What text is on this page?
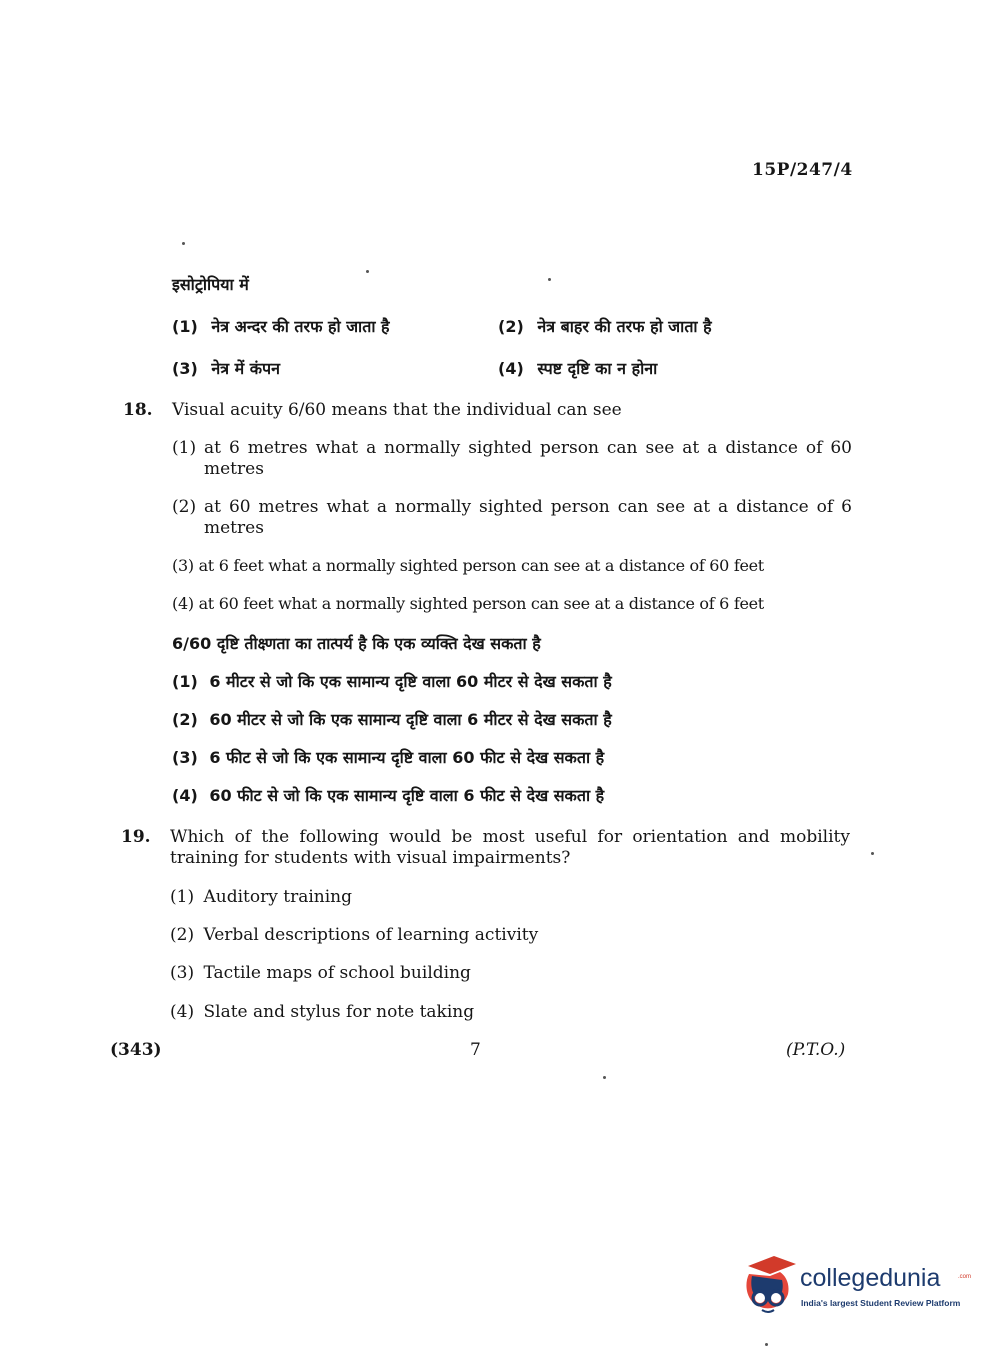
15P/247/4
इसोट्रोपिया में
(1) नेत्र अन्दर की तरफ हो जाता है	(2) नेत्र बाहर की तरफ हो जाता है
(3) नेत्र में कंपन	(4) स्पष्ट दृष्टि का न होना
18. Visual acuity 6/60 means that the individual can see
(1) at 6 metres what a normally sighted person can see at a distance of 60 metres
(2) at 60 metres what a normally sighted person can see at a distance of 6 metres
(3) at 6 feet what a normally sighted person can see at a distance of 60 feet
(4) at 60 feet what a normally sighted person can see at a distance of 6 feet
6/60 दृष्टि तीक्ष्णता का तात्पर्य है कि एक व्यक्ति देख सकता है
(1) 6 मीटर से जो कि एक सामान्य दृष्टि वाला 60 मीटर से देख सकता है
(2) 60 मीटर से जो कि एक सामान्य दृष्टि वाला 6 मीटर से देख सकता है
(3) 6 फीट से जो कि एक सामान्य दृष्टि वाला 60 फीट से देख सकता है
(4) 60 फीट से जो कि एक सामान्य दृष्टि वाला 6 फीट से देख सकता है
19. Which of the following would be most useful for orientation and mobility training for students with visual impairments?
(1) Auditory training
(2) Verbal descriptions of learning activity
(3) Tactile maps of school building
(4) Slate and stylus for note taking
(343)	7	(P.T.O.)
collegedunia	.com
India's largest Student Review Platform
